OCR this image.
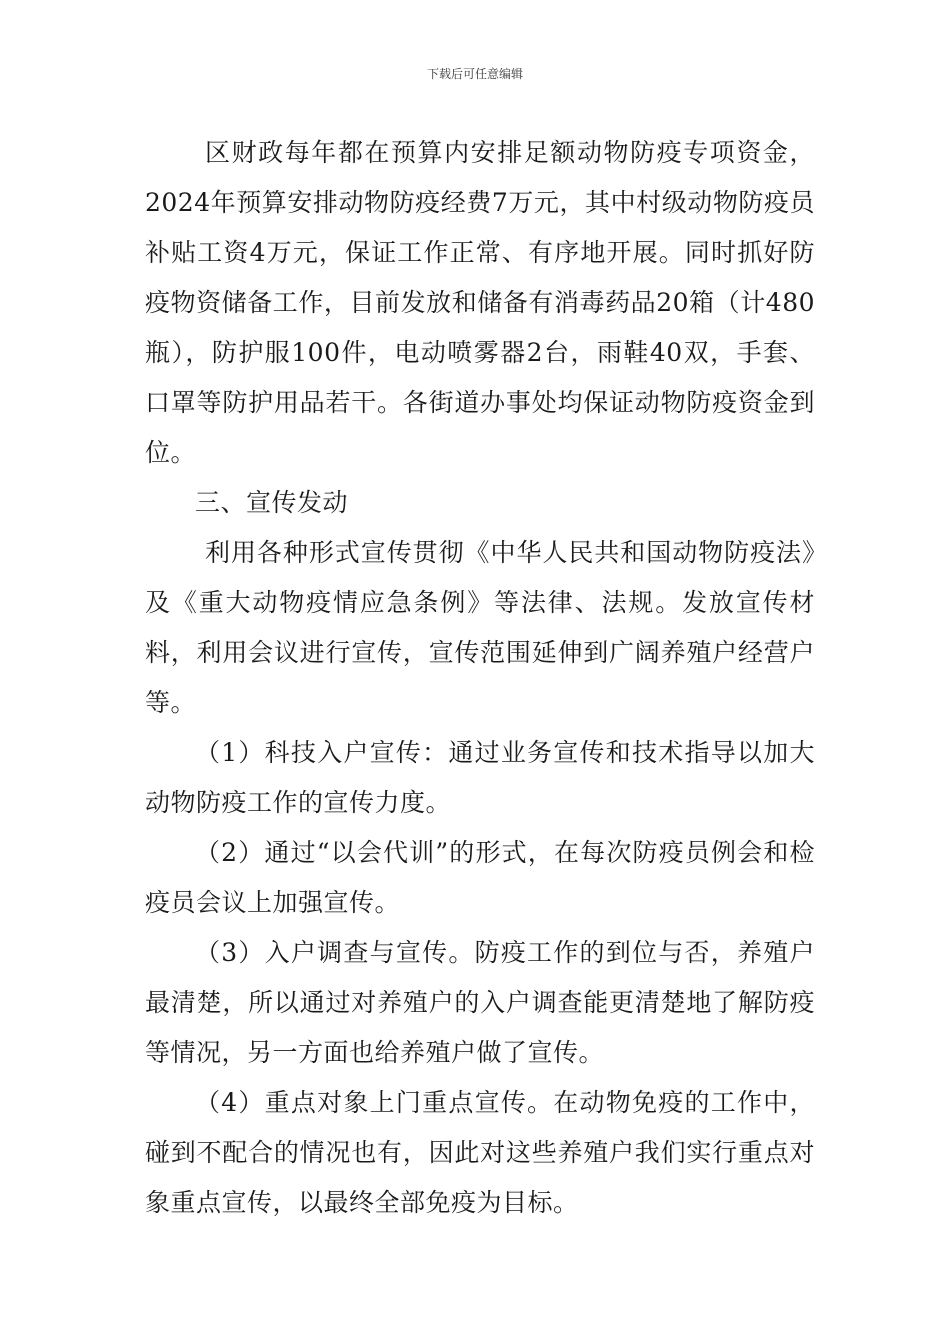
下载后可任意编辑

区财政每年都在预算内安排足额动物防疫专项资金，2024年预算安排动物防疫经费7万元，其中村级动物防疫员补贴工资4万元，保证工作正常、有序地开展。同时抓好防疫物资储备工作，目前发放和储备有消毒药品20箱（计480瓶），防护服100件，电动喷雾器2台，雨鞋40双，手套、口罩等防护用品若干。各街道办事处均保证动物防疫资金到位。

三、宣传发动

利用各种形式宣传贯彻《中华人民共和国动物防疫法》及《重大动物疫情应急条例》等法律、法规。发放宣传材料，利用会议进行宣传，宣传范围延伸到广阔养殖户经营户等。

（1）科技入户宣传：通过业务宣传和技术指导以加大动物防疫工作的宣传力度。

（2）通过“以会代训”的形式，在每次防疫员例会和检疫员会议上加强宣传。

（3）入户调查与宣传。防疫工作的到位与否，养殖户最清楚，所以通过对养殖户的入户调查能更清楚地了解防疫等情况，另一方面也给养殖户做了宣传。

（4）重点对象上门重点宣传。在动物免疫的工作中，碰到不配合的情况也有，因此对这些养殖户我们实行重点对象重点宣传，以最终全部免疫为目标。
